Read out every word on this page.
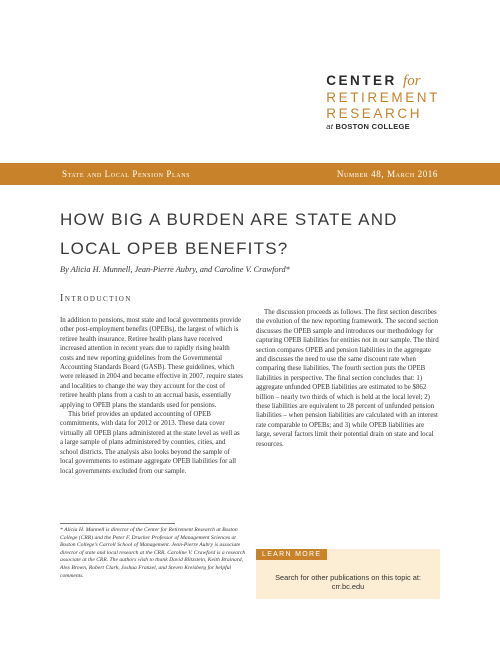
CENTER for
RETIREMENT
RESEARCH
at BOSTON COLLEGE
State and Local Pension Plans	Number 48, March 2016
HOW BIG A BURDEN ARE STATE AND LOCAL OPEB BENEFITS?
By Alicia H. Munnell, Jean-Pierre Aubry, and Caroline V. Crawford*
Introduction

In addition to pensions, most state and local governments provide other post-employment benefits (OPEBs), the largest of which is retiree health insurance. Retiree health plans have received increased attention in recent years due to rapidly rising health costs and new reporting guidelines from the Governmental Accounting Standards Board (GASB). These guidelines, which were released in 2004 and became effective in 2007, require states and localities to change the way they account for the cost of retiree health plans from a cash to an accrual basis, essentially applying to OPEB plans the standards used for pensions.

This brief provides an updated accounting of OPEB commitments, with data for 2012 or 2013. These data cover virtually all OPEB plans administered at the state level as well as a large sample of plans administered by counties, cities, and school districts. The analysis also looks beyond the sample of local governments to estimate aggregate OPEB liabilities for all local governments excluded from our sample.

The discussion proceeds as follows. The first section describes the evolution of the new reporting framework. The second section discusses the OPEB sample and introduces our methodology for capturing OPEB liabilities for entities not in our sample. The third section compares OPEB and pension liabilities in the aggregate and discusses the need to use the same discount rate when comparing these liabilities. The fourth section puts the OPEB liabilities in perspective. The final section concludes that: 1) aggregate unfunded OPEB liabilities are estimated to be $862 billion – nearly two thirds of which is held at the local level; 2) these liabilities are equivalent to 28 percent of unfunded pension liabilities – when pension liabilities are calculated with an interest rate comparable to OPEBs; and 3) while OPEB liabilities are large, several factors limit their potential drain on state and local resources.

* Alicia H. Munnell is director of the Center for Retirement Research at Boston College (CRR) and the Peter F. Drucker Professor of Management Sciences at Boston College's Carroll School of Management. Jean-Pierre Aubry is associate director of state and local research at the CRR. Caroline V. Crawford is a research associate at the CRR. The authors wish to thank David Blitzstein, Keith Brainard, Alex Brown, Robert Clark, Joshua Franzel, and Steven Kreisberg for helpful comments.
LEARN MORE
Search for other publications on this topic at:
crr.bc.edu
